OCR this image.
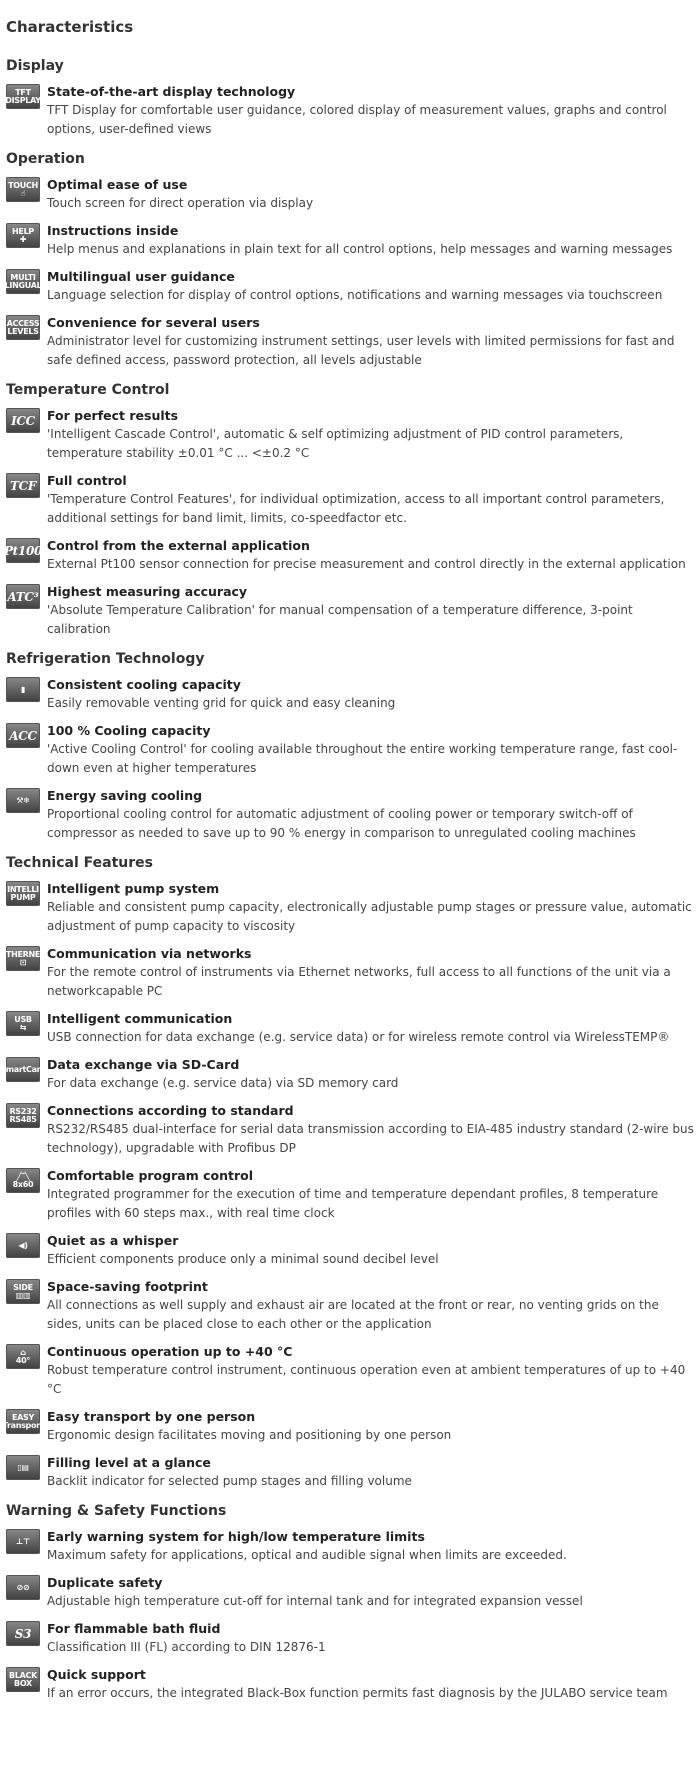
Characteristics
Display
TFT
DISPLAY
State-of-the-art display technology
TFT Display for comfortable user guidance, colored display of measurement values, graphs and control options, user-defined views
Operation
TOUCH
☝
Optimal ease of use
Touch screen for direct operation via display
HELP
✚
Instructions inside
Help menus and explanations in plain text for all control options, help messages and warning messages
MULTI
LINGUAL
Multilingual user guidance
Language selection for display of control options, notifications and warning messages via touchscreen
ACCESS
LEVELS
Convenience for several users
Administrator level for customizing instrument settings, user levels with limited permissions for fast and safe defined access, password protection, all levels adjustable
Temperature Control
ICC For perfect results
'Intelligent Cascade Control', automatic & self optimizing adjustment of PID control parameters, temperature stability ±0.01 °C ... <±0.2 °C
TCF Full control
'Temperature Control Features', for individual optimization, access to all important control parameters, additional settings for band limit, limits, co-speedfactor etc.
Pt100 Control from the external application
External Pt100 sensor connection for precise measurement and control directly in the external application
ATC³ Highest measuring accuracy
'Absolute Temperature Calibration' for manual compensation of a temperature difference, 3-point calibration
Refrigeration Technology
▮	Consistent cooling capacity
Easily removable venting grid for quick and easy cleaning
ACC 100 % Cooling capacity
'Active Cooling Control' for cooling available throughout the entire working temperature range, fast cool-down even at higher temperatures
⚒❄	Energy saving cooling
Proportional cooling control for automatic adjustment of cooling power or temporary switch-off of compressor as needed to save up to 90 % energy in comparison to unregulated cooling machines
Technical Features
INTELLI
PUMP
Intelligent pump system
Reliable and consistent pump capacity, electronically adjustable pump stages or pressure value, automatic adjustment of pump capacity to viscosity
ETHERNET
⊡
Communication via networks
For the remote control of instruments via Ethernet networks, full access to all functions of the unit via a networkcapable PC
USB
⇆
Intelligent communication
USB connection for data exchange (e.g. service data) or for wireless remote control via WirelessTEMP®
SmartCard Data exchange via SD-Card
For data exchange (e.g. service data) via SD memory card
RS232
RS485
Connections according to standard
RS232/RS485 dual-interface for serial data transmission according to EIA-485 industry standard (2-wire bus technology), upgradable with Profibus DP
╱‾╲
8x60
Comfortable program control
Integrated programmer for the execution of time and temperature dependant profiles, 8 temperature profiles with 60 steps max., with real time clock
◀)	Quiet as a whisper
Efficient components produce only a minimal sound decibel level
SIDE
▥▥
Space-saving footprint
All connections as well supply and exhaust air are located at the front or rear, no venting grids on the sides, units can be placed close to each other or the application
⌂
40°
Continuous operation up to +40 °C
Robust temperature control instrument, continuous operation even at ambient temperatures of up to +40 °C
EASY
Transport
Easy transport by one person
Ergonomic design facilitates moving and positioning by one person
▯▤	Filling level at a glance
Backlit indicator for selected pump stages and filling volume
Warning & Safety Functions
⊥⊤	Early warning system for high/low temperature limits
Maximum safety for applications, optical and audible signal when limits are exceeded.
⊘⊘	Duplicate safety
Adjustable high temperature cut-off for internal tank and for integrated expansion vessel
S3	For flammable bath fluid
Classification III (FL) according to DIN 12876-1
BLACK
BOX
Quick support
If an error occurs, the integrated Black-Box function permits fast diagnosis by the JULABO service team
